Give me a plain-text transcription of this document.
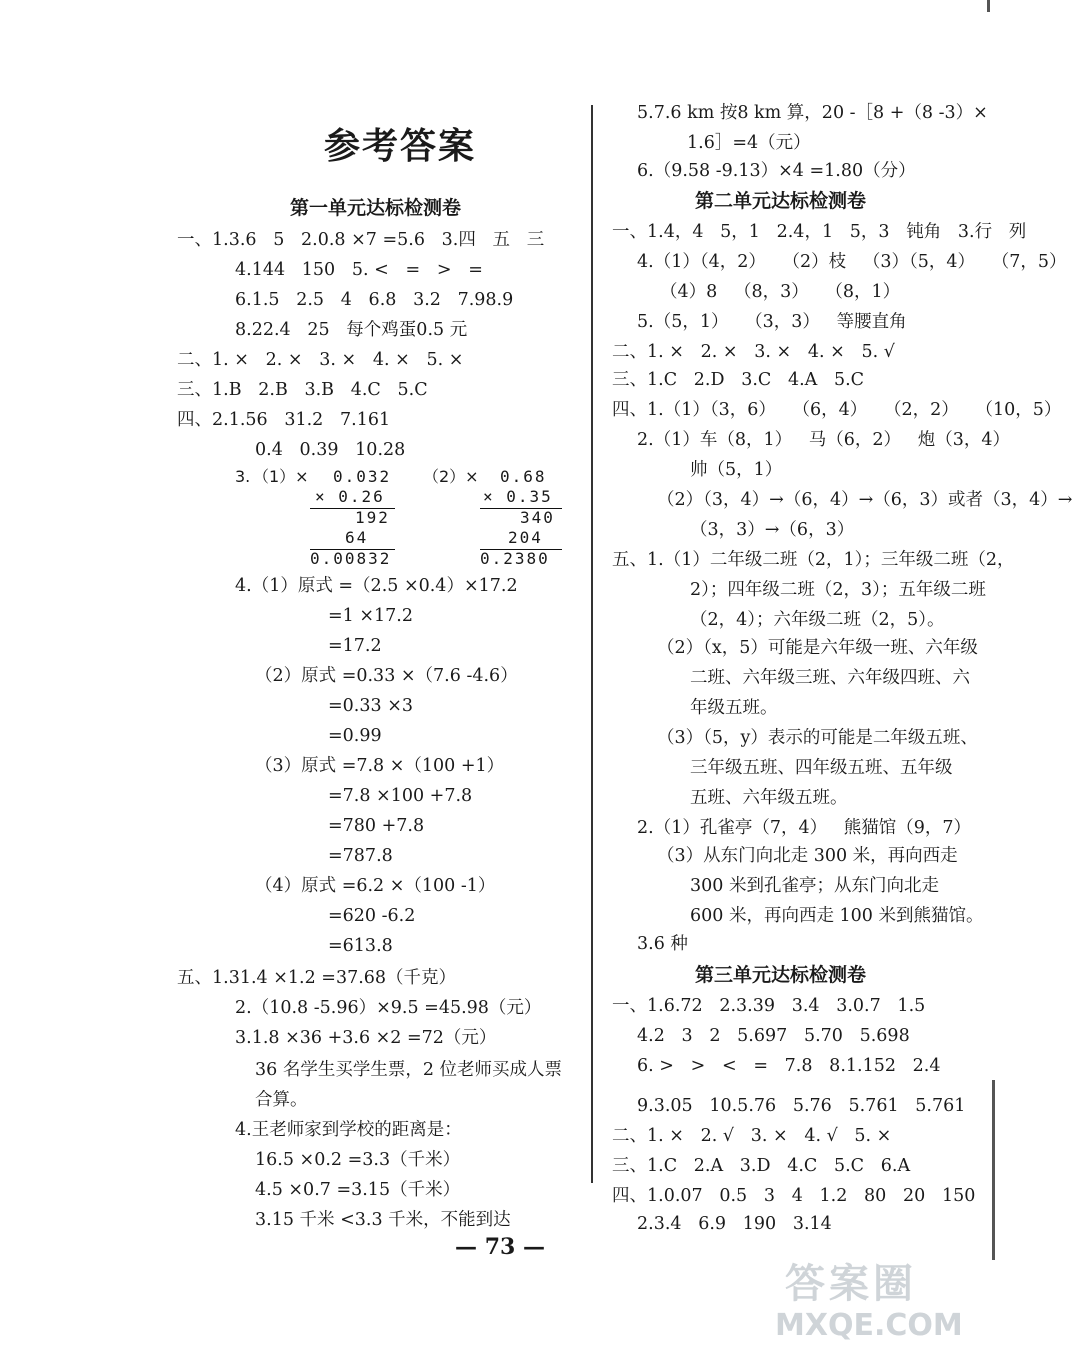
参考答案
第一单元达标检测卷
一、1.3.6   5   2.0.8 ×7 =5.6   3.四   五   三
4.144   150   5. <   =   >   =
6.1.5   2.5   4   6.8   3.2   7.98.9
8.22.4   25   每个鸡蛋0.5 元
二、1. ×   2. ×   3. ×   4. ×   5. ×
三、1.B   2.B   3.B   4.C   5.C
四、2.1.56   31.2   7.161
0.4   0.39   10.28
3. （1）× 0.032
× 0.26
192
64
0.00832
（2）× 0.68
× 0.35
340
204
0.2380
4.（1）原式 =（2.5 ×0.4）×17.2
=1 ×17.2
=17.2
（2）原式 =0.33 ×（7.6 -4.6）
=0.33 ×3
=0.99
（3）原式 =7.8 ×（100 +1）
=7.8 ×100 +7.8
=780 +7.8
=787.8
（4）原式 =6.2 ×（100 -1）
=620 -6.2
=613.8
五、1.31.4 ×1.2 =37.68（千克）
2.（10.8 -5.96）×9.5 =45.98（元）
3.1.8 ×36 +3.6 ×2 =72（元）
36 名学生买学生票，2 位老师买成人票
合算。
4.王老师家到学校的距离是：
16.5 ×0.2 =3.3（千米）
4.5 ×0.7 =3.15（千米）
3.15 千米 <3.3 千米，不能到达
5.7.6 km 按8 km 算，20 -［8 +（8 -3）×
1.6］=4（元）
6.（9.58 -9.13）×4 =1.80（分）
第二单元达标检测卷
一、1.4，4   5，1   2.4，1   5，3   钝角   3.行   列
4.（1）（4，2）   （2）枝   （3）（5，4）   （7，5）
（4）8   （8，3）   （8，1）
5.（5，1）   （3，3）   等腰直角
二、1. ×   2. ×   3. ×   4. ×   5. √
三、1.C   2.D   3.C   4.A   5.C
四、1.（1）（3，6）   （6，4）   （2，2）   （10，5）
2.（1）车（8，1）   马（6，2）   炮（3，4）
帅（5，1）
（2）（3，4）→（6，4）→（6，3）或者（3，4）→
（3，3）→（6，3）
五、1.（1）二年级二班（2，1）；三年级二班（2，
2）；四年级二班（2，3）；五年级二班
（2，4）；六年级二班（2，5）。
（2）（x，5）可能是六年级一班、六年级
二班、六年级三班、六年级四班、六
年级五班。
（3）（5，y）表示的可能是二年级五班、
三年级五班、四年级五班、五年级
五班、六年级五班。
2.（1）孔雀亭（7，4）   熊猫馆（9，7）
（3）从东门向北走 300 米，再向西走
300 米到孔雀亭；从东门向北走
600 米，再向西走 100 米到熊猫馆。
3.6 种
第三单元达标检测卷
一、1.6.72   2.3.39   3.4   3.0.7   1.5
4.2   3   2   5.697   5.70   5.698
6. >   >   <   =   7.8   8.1.152   2.4
9.3.05   10.5.76   5.76   5.761   5.761
二、1. ×   2. √   3. ×   4. √   5. ×
三、1.C   2.A   3.D   4.C   5.C   6.A
四、1.0.07   0.5   3   4   1.2   80   20   150
2.3.4   6.9   190   3.14
— 73 —
答案圈
MXQE.COM
